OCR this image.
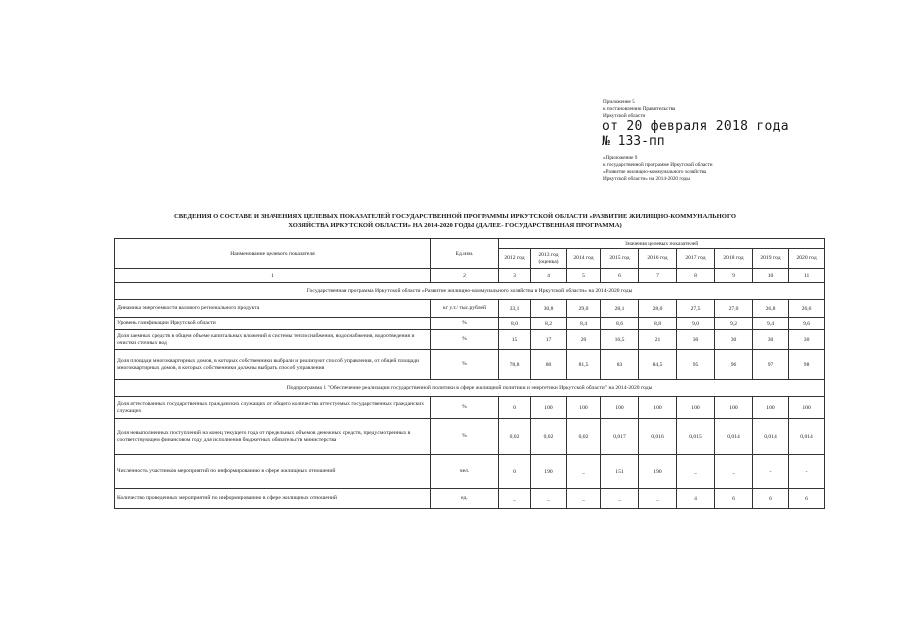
Приложение 5
к постановлению Правительства
Иркутской области
от 20 февраля 2018 года
№ 133-пп
«Приложение 9
к государственной программе Иркутской области
«Развитие жилищно-коммунального хозяйства
Иркутской области» на 2014-2020 годы
СВЕДЕНИЯ О СОСТАВЕ И ЗНАЧЕНИЯХ ЦЕЛЕВЫХ ПОКАЗАТЕЛЕЙ ГОСУДАРСТВЕННОЙ ПРОГРАММЫ ИРКУТСКОЙ ОБЛАСТИ «РАЗВИТИЕ ЖИЛИЩНО-КОММУНАЛЬНОГО
ХОЗЯЙСТВА ИРКУТСКОЙ ОБЛАСТИ» НА 2014-2020 ГОДЫ (ДАЛЕЕ- ГОСУДАРСТВЕННАЯ ПРОГРАММА)
Наименование целевого показателя	Ед.изм.	Значения целевых показателей								
		2012 год	2013 год (оценка)	2014 год	2015 год	2016 год	2017 год	2018 год	2019 год	2020 год
1	2	3	4	5	6	7	8	9	10	11
Государственная программа Иркутской области «Развитие жилищно-коммунального хозяйства в Иркутской области» на 2014-2020 годы										
Динамика энергоемкости валового регионального продукта	кг у.т./ тыс.рублей	33,1	30,8	29,0	28,1	28,0	27,5	27,0	26,8	26,6
Уровень газификации Иркутской области	%	8,0	8,2	8,4	8,6	8,8	9,0	9,2	9,4	9,6
Доля заемных средств в общем объеме капитальных вложений в системы теплоснабжения, водоснабжения, водоотведения и очистки сточных вод	%	15	17	20	16,5	21	30	30	30	30
Доля площади многоквартирных домов, в которых собственники выбрали и реализуют способ управления, от общей площади многоквартирных домов, в которых собственники должны выбрать способ управления	%	78,8	80	81,5	83	84,5	95	96	97	98
Подпрограмма 1 "Обеспечение реализации государственной политики в сфере жилищной политики и энергетики Иркутской области" на 2014-2020 годы										
Доля аттестованных государственных гражданских служащих от общего количества аттестуемых государственных гражданских служащих	%	0	100	100	100	100	100	100	100	100
Доля невыполненных поступлений на конец текущего года от предельных объемов денежных средств, предусмотренных в соответствующем финансовом году для исполнения бюджетных обязательств министерства	%	0,02	0,02	0,02	0,017	0,016	0,015	0,014	0,014	0,014
Численность участников мероприятий по информированию в сфере жилищных отношений	чел.	0	190	_	151	190	_	_	-	-
Количество проведенных мероприятий по информированию в сфере жилищных отношений	ед.	_	_	_	_	_	4	6	6	6
